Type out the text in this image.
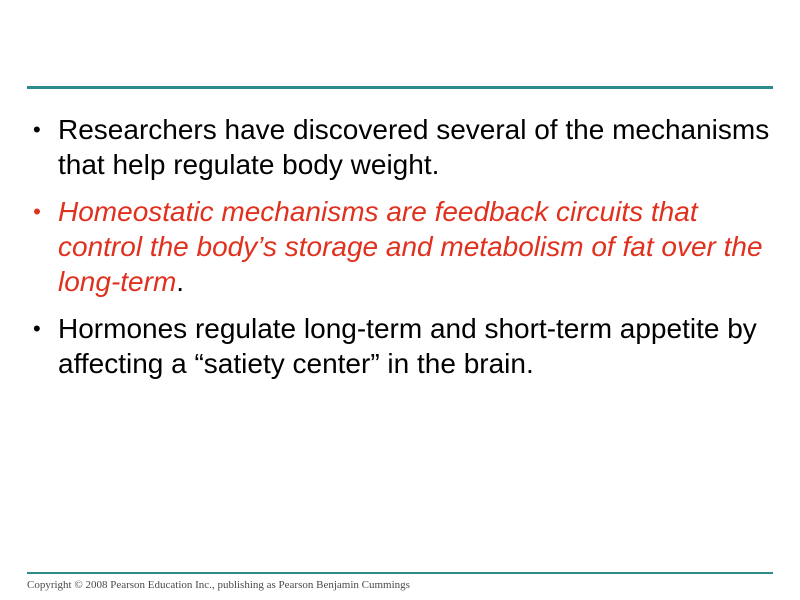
• Researchers have discovered several of the mechanisms that help regulate body weight.
• Homeostatic mechanisms are feedback circuits that control the body’s storage and metabolism of fat over the long-term.
• Hormones regulate long-term and short-term appetite by affecting a “satiety center” in the brain.
Copyright © 2008 Pearson Education Inc., publishing as Pearson Benjamin Cummings
